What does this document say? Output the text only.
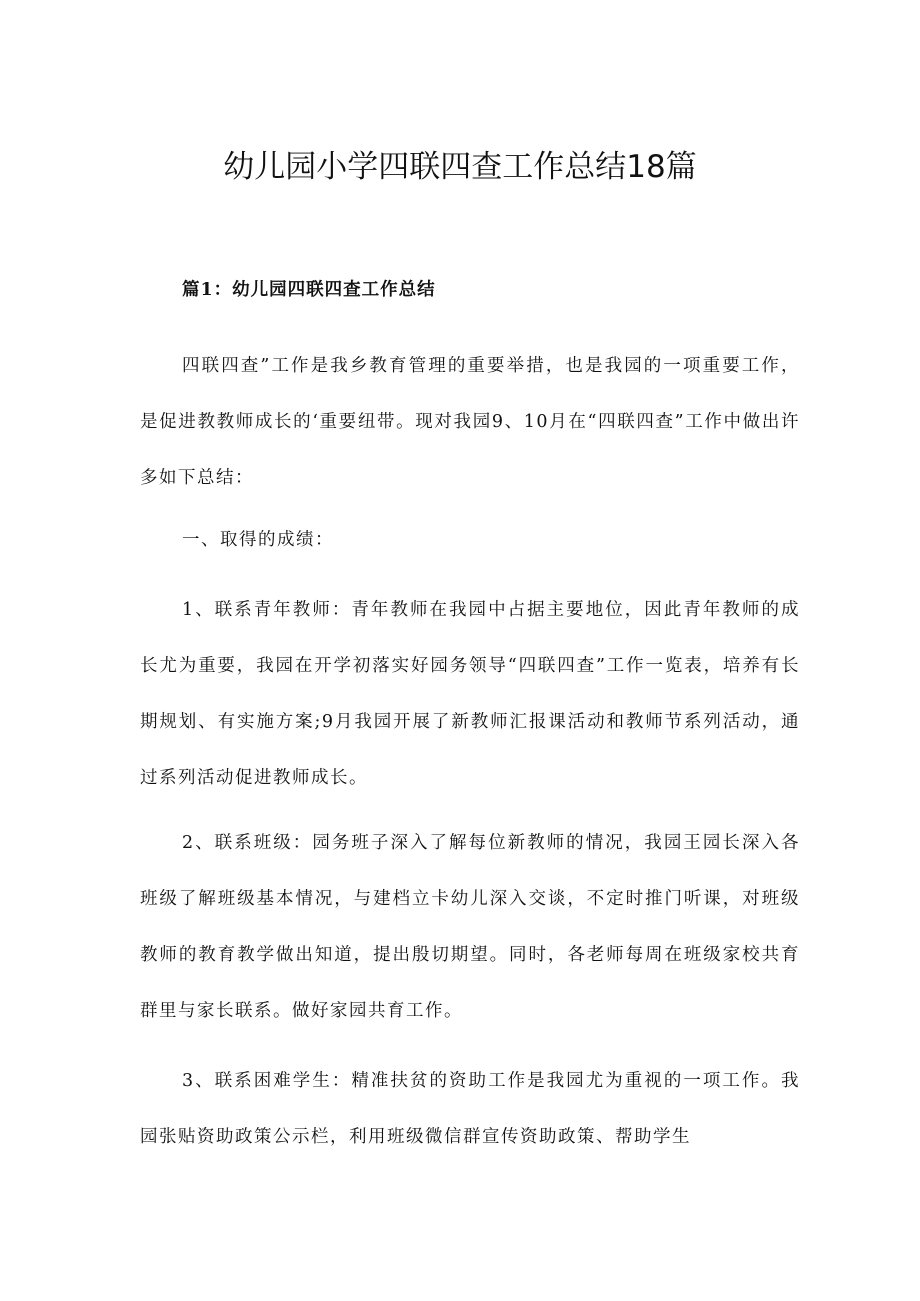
幼儿园小学四联四查工作总结18篇
篇1：幼儿园四联四查工作总结

四联四查”工作是我乡教育管理的重要举措，也是我园的一项重要工作，是促进教教师成长的‘重要纽带。现对我园9、10月在“四联四查”工作中做出许多如下总结：

一、取得的成绩：

1、联系青年教师：青年教师在我园中占据主要地位，因此青年教师的成长尤为重要，我园在开学初落实好园务领导“四联四查”工作一览表，培养有长期规划、有实施方案;9月我园开展了新教师汇报课活动和教师节系列活动，通过系列活动促进教师成长。

2、联系班级：园务班子深入了解每位新教师的情况，我园王园长深入各班级了解班级基本情况，与建档立卡幼儿深入交谈，不定时推门听课，对班级教师的教育教学做出知道，提出殷切期望。同时，各老师每周在班级家校共育群里与家长联系。做好家园共育工作。

3、联系困难学生：精准扶贫的资助工作是我园尤为重视的一项工作。我园张贴资助政策公示栏，利用班级微信群宣传资助政策、帮助学生
